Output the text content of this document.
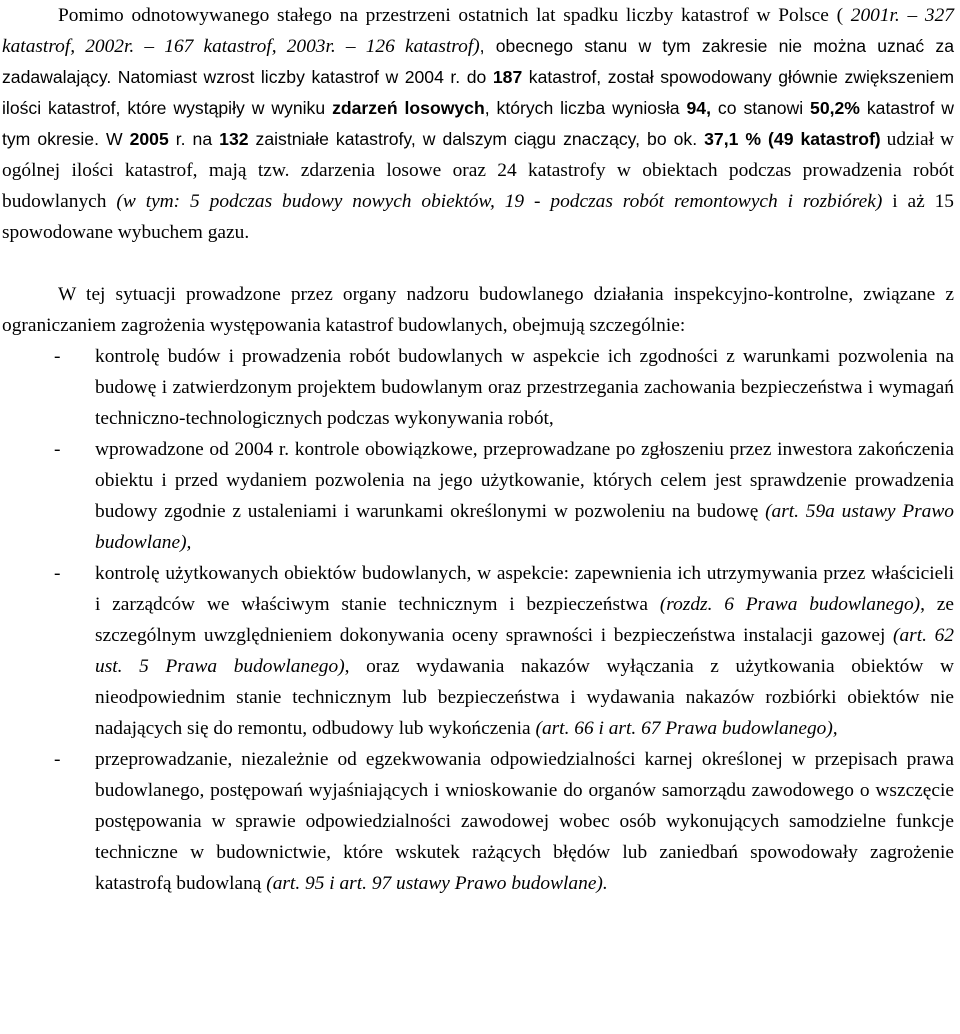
Pomimo odnotowywanego stałego na przestrzeni ostatnich lat spadku liczby katastrof w Polsce ( 2001r. – 327 katastrof, 2002r. – 167 katastrof, 2003r. – 126 katastrof), obecnego stanu w tym zakresie nie można uznać za zadawalający. Natomiast wzrost liczby katastrof w 2004 r. do 187 katastrof, został spowodowany głównie zwiększeniem ilości katastrof, które wystąpiły w wyniku zdarzeń losowych, których liczba wyniosła 94, co stanowi 50,2% katastrof w tym okresie. W 2005 r. na 132 zaistniałe katastrofy, w dalszym ciągu znaczący, bo ok. 37,1 % (49 katastrof) udział w ogólnej ilości katastrof, mają tzw. zdarzenia losowe oraz 24 katastrofy w obiektach podczas prowadzenia robót budowlanych (w tym: 5 podczas budowy nowych obiektów, 19 - podczas robót remontowych i rozbiórek) i aż 15 spowodowane wybuchem gazu.

W tej sytuacji prowadzone przez organy nadzoru budowlanego działania inspekcyjno-kontrolne, związane z ograniczaniem zagrożenia występowania katastrof budowlanych, obejmują szczególnie:

- kontrolę budów i prowadzenia robót budowlanych w aspekcie ich zgodności z warunkami pozwolenia na budowę i zatwierdzonym projektem budowlanym oraz przestrzegania zachowania bezpieczeństwa i wymagań techniczno-technologicznych podczas wykonywania robót,
- wprowadzone od 2004 r. kontrole obowiązkowe, przeprowadzane po zgłoszeniu przez inwestora zakończenia obiektu i przed wydaniem pozwolenia na jego użytkowanie, których celem jest sprawdzenie prowadzenia budowy zgodnie z ustaleniami i warunkami określonymi w pozwoleniu na budowę (art. 59a ustawy Prawo budowlane),
- kontrolę użytkowanych obiektów budowlanych, w aspekcie: zapewnienia ich utrzymywania przez właścicieli i zarządców we właściwym stanie technicznym i bezpieczeństwa (rozdz. 6 Prawa budowlanego), ze szczególnym uwzględnieniem dokonywania oceny sprawności i bezpieczeństwa instalacji gazowej (art. 62 ust. 5 Prawa budowlanego), oraz wydawania nakazów wyłączania z użytkowania obiektów w nieodpowiednim stanie technicznym lub bezpieczeństwa i wydawania nakazów rozbiórki obiektów nie nadających się do remontu, odbudowy lub wykończenia (art. 66 i art. 67 Prawa budowlanego),
- przeprowadzanie, niezależnie od egzekwowania odpowiedzialności karnej określonej w przepisach prawa budowlanego, postępowań wyjaśniających i wnioskowanie do organów samorządu zawodowego o wszczęcie postępowania w sprawie odpowiedzialności zawodowej wobec osób wykonujących samodzielne funkcje techniczne w budownictwie, które wskutek rażących błędów lub zaniedbań spowodowały zagrożenie katastrofą budowlaną (art. 95 i art. 97 ustawy Prawo budowlane).
